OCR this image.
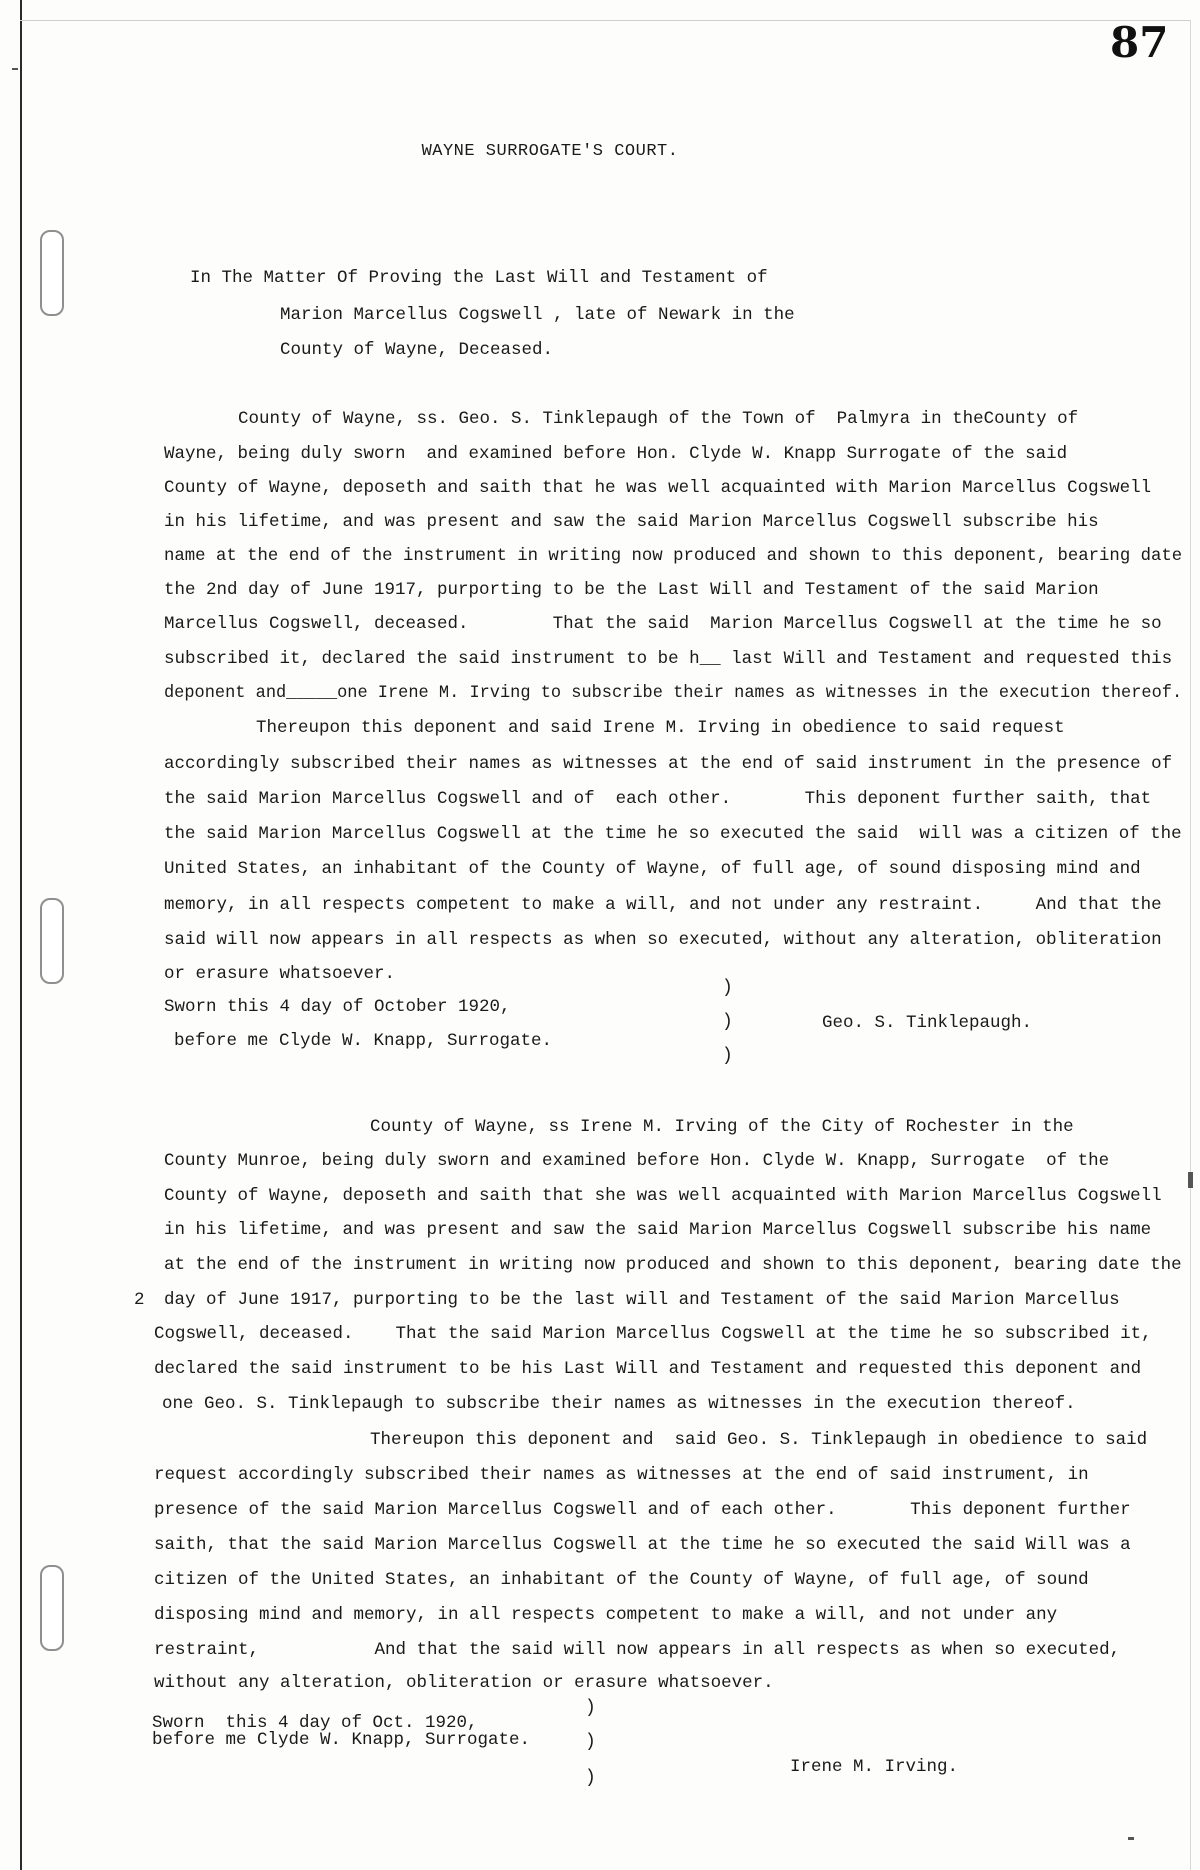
87
WAYNE SURROGATE'S COURT.
In The Matter Of Proving the Last Will and Testament of
Marion Marcellus Cogswell , late of Newark in the
County of Wayne, Deceased.
County of Wayne, ss. Geo. S. Tinklepaugh of the Town of  Palmyra in theCounty of
Wayne, being duly sworn  and examined before Hon. Clyde W. Knapp Surrogate of the said
County of Wayne, deposeth and saith that he was well acquainted with Marion Marcellus Cogswell
in his lifetime, and was present and saw the said Marion Marcellus Cogswell subscribe his
name at the end of the instrument in writing now produced and shown to this deponent, bearing date
the 2nd day of June 1917, purporting to be the Last Will and Testament of the said Marion
Marcellus Cogswell, deceased.        That the said  Marion Marcellus Cogswell at the time he so
subscribed it, declared the said instrument to be h__ last Will and Testament and requested this
deponent and_____one Irene M. Irving to subscribe their names as witnesses in the execution thereof.
Thereupon this deponent and said Irene M. Irving in obedience to said request
accordingly subscribed their names as witnesses at the end of said instrument in the presence of
the said Marion Marcellus Cogswell and of  each other.       This deponent further saith, that
the said Marion Marcellus Cogswell at the time he so executed the said  will was a citizen of the
United States, an inhabitant of the County of Wayne, of full age, of sound disposing mind and
memory, in all respects competent to make a will, and not under any restraint.     And that the
said will now appears in all respects as when so executed, without any alteration, obliteration
or erasure whatsoever.
Sworn this 4 day of October 1920,
before me Clyde W. Knapp, Surrogate.
)
)
)
Geo. S. Tinklepaugh.
County of Wayne, ss Irene M. Irving of the City of Rochester in the
County Munroe, being duly sworn and examined before Hon. Clyde W. Knapp, Surrogate  of the
County of Wayne, deposeth and saith that she was well acquainted with Marion Marcellus Cogswell
in his lifetime, and was present and saw the said Marion Marcellus Cogswell subscribe his name
at the end of the instrument in writing now produced and shown to this deponent, bearing date the
2 day of June 1917, purporting to be the last will and Testament of the said Marion Marcellus
Cogswell, deceased.    That the said Marion Marcellus Cogswell at the time he so subscribed it,
declared the said instrument to be his Last Will and Testament and requested this deponent and
one Geo. S. Tinklepaugh to subscribe their names as witnesses in the execution thereof.
Thereupon this deponent and  said Geo. S. Tinklepaugh in obedience to said
request accordingly subscribed their names as witnesses at the end of said instrument, in
presence of the said Marion Marcellus Cogswell and of each other.       This deponent further
saith, that the said Marion Marcellus Cogswell at the time he so executed the said Will was a
citizen of the United States, an inhabitant of the County of Wayne, of full age, of sound
disposing mind and memory, in all respects competent to make a will, and not under any
restraint,           And that the said will now appears in all respects as when so executed,
without any alteration, obliteration or erasure whatsoever.
Sworn  this 4 day of Oct. 1920,
before me Clyde W. Knapp, Surrogate.
)
)
)
Irene M. Irving.
